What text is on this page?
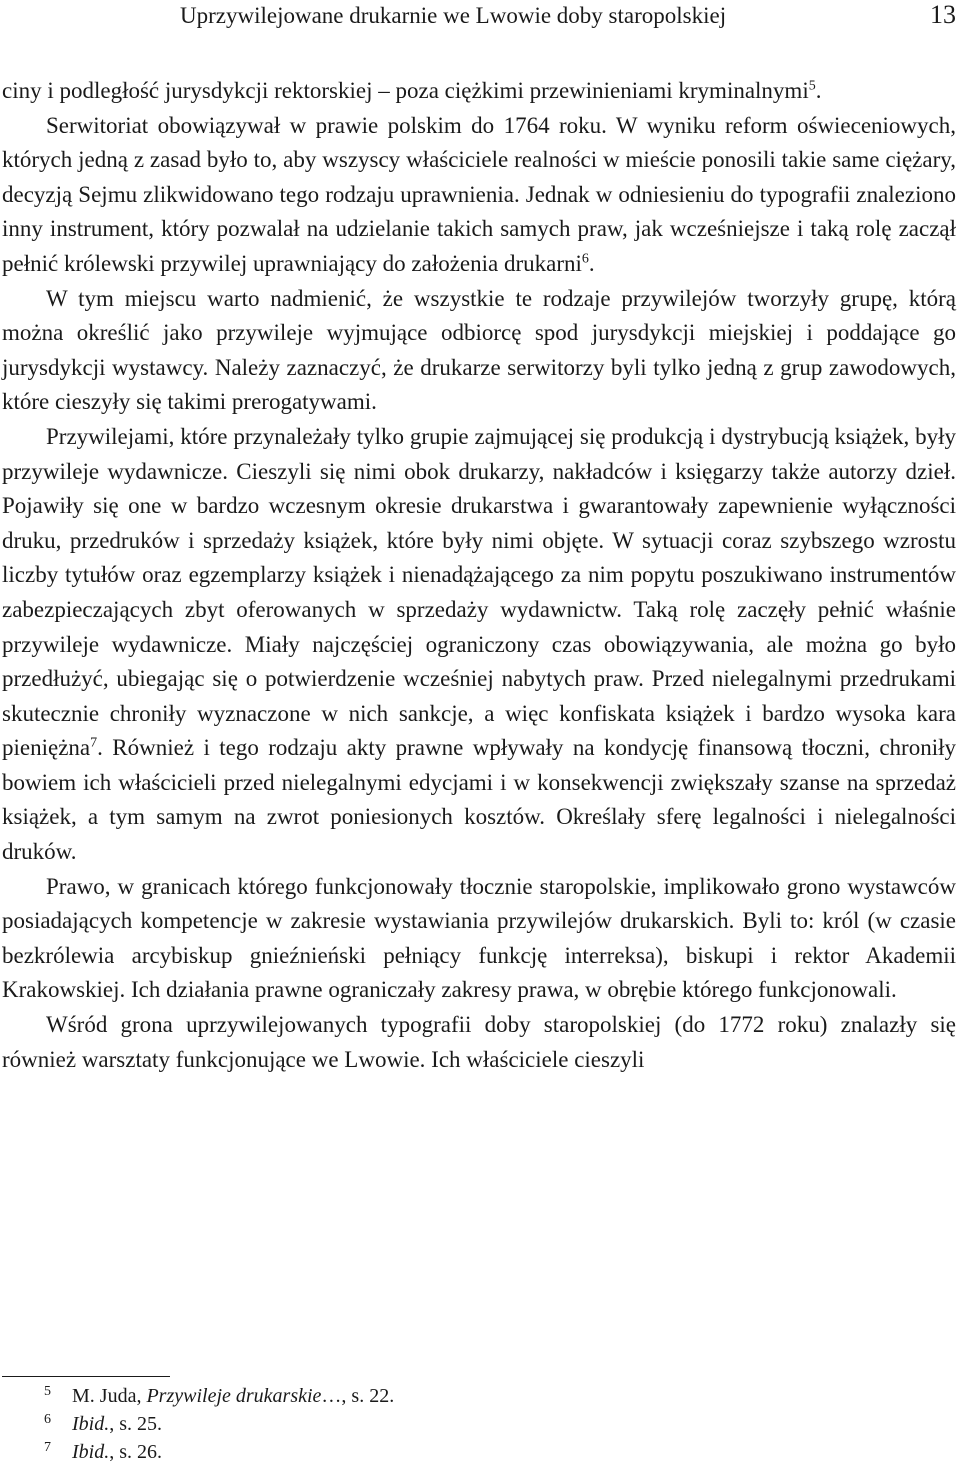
Uprzywilejowane drukarnie we Lwowie doby staropolskiej	13

ciny i podległość jurysdykcji rektorskiej – poza ciężkimi przewinieniami kryminalnymi$^5$.

Serwitoriat obowiązywał w prawie polskim do 1764 roku. W wyniku reform oświeceniowych, których jedną z zasad było to, aby wszyscy właściciele realności w mieście ponosili takie same ciężary, decyzją Sejmu zlikwidowano tego rodzaju uprawnienia. Jednak w odniesieniu do typografii znaleziono inny instrument, który pozwalał na udzielanie takich samych praw, jak wcześniejsze i taką rolę zaczął pełnić królewski przywilej uprawniający do założenia drukarni$^6$.

W tym miejscu warto nadmienić, że wszystkie te rodzaje przywilejów tworzyły grupę, którą można określić jako przywileje wyjmujące odbiorcę spod jurysdykcji miejskiej i poddające go jurysdykcji wystawcy. Należy zaznaczyć, że drukarze serwitorzy byli tylko jedną z grup zawodowych, które cieszyły się takimi prerogatywami.

Przywilejami, które przynależały tylko grupie zajmującej się produkcją i dystrybucją książek, były przywileje wydawnicze. Cieszyli się nimi obok drukarzy, nakładców i księgarzy także autorzy dzieł. Pojawiły się one w bardzo wczesnym okresie drukarstwa i gwarantowały zapewnienie wyłączności druku, przedruków i sprzedaży książek, które były nimi objęte. W sytuacji coraz szybszego wzrostu liczby tytułów oraz egzemplarzy książek i nienadążającego za nim popytu poszukiwano instrumentów zabezpieczających zbyt oferowanych w sprzedaży wydawnictw. Taką rolę zaczęły pełnić właśnie przywileje wydawnicze. Miały najczęściej ograniczony czas obowiązywania, ale można go było przedłużyć, ubiegając się o potwierdzenie wcześniej nabytych praw. Przed nielegalnymi przedrukami skutecznie chroniły wyznaczone w nich sankcje, a więc konfiskata książek i bardzo wysoka kara pieniężna$^7$. Również i tego rodzaju akty prawne wpływały na kondycję finansową tłoczni, chroniły bowiem ich właścicieli przed nielegalnymi edycjami i w konsekwencji zwiększały szanse na sprzedaż książek, a tym samym na zwrot poniesionych kosztów. Określały sferę legalności i nielegalności druków.

Prawo, w granicach którego funkcjonowały tłocznie staropolskie, implikowało grono wystawców posiadających kompetencje w zakresie wystawiania przywilejów drukarskich. Byli to: król (w czasie bezkrólewia arcybiskup gnieźnieński pełniący funkcję interreksa), biskupi i rektor Akademii Krakowskiej. Ich działania prawne ograniczały zakresy prawa, w obrębie którego funkcjonowali.

Wśród grona uprzywilejowanych typografii doby staropolskiej (do 1772 roku) znalazły się również warsztaty funkcjonujące we Lwowie. Ich właściciele cieszyli

5 M. Juda, Przywileje drukarskie…, s. 22.
6 Ibid., s. 25.
7 Ibid., s. 26.
